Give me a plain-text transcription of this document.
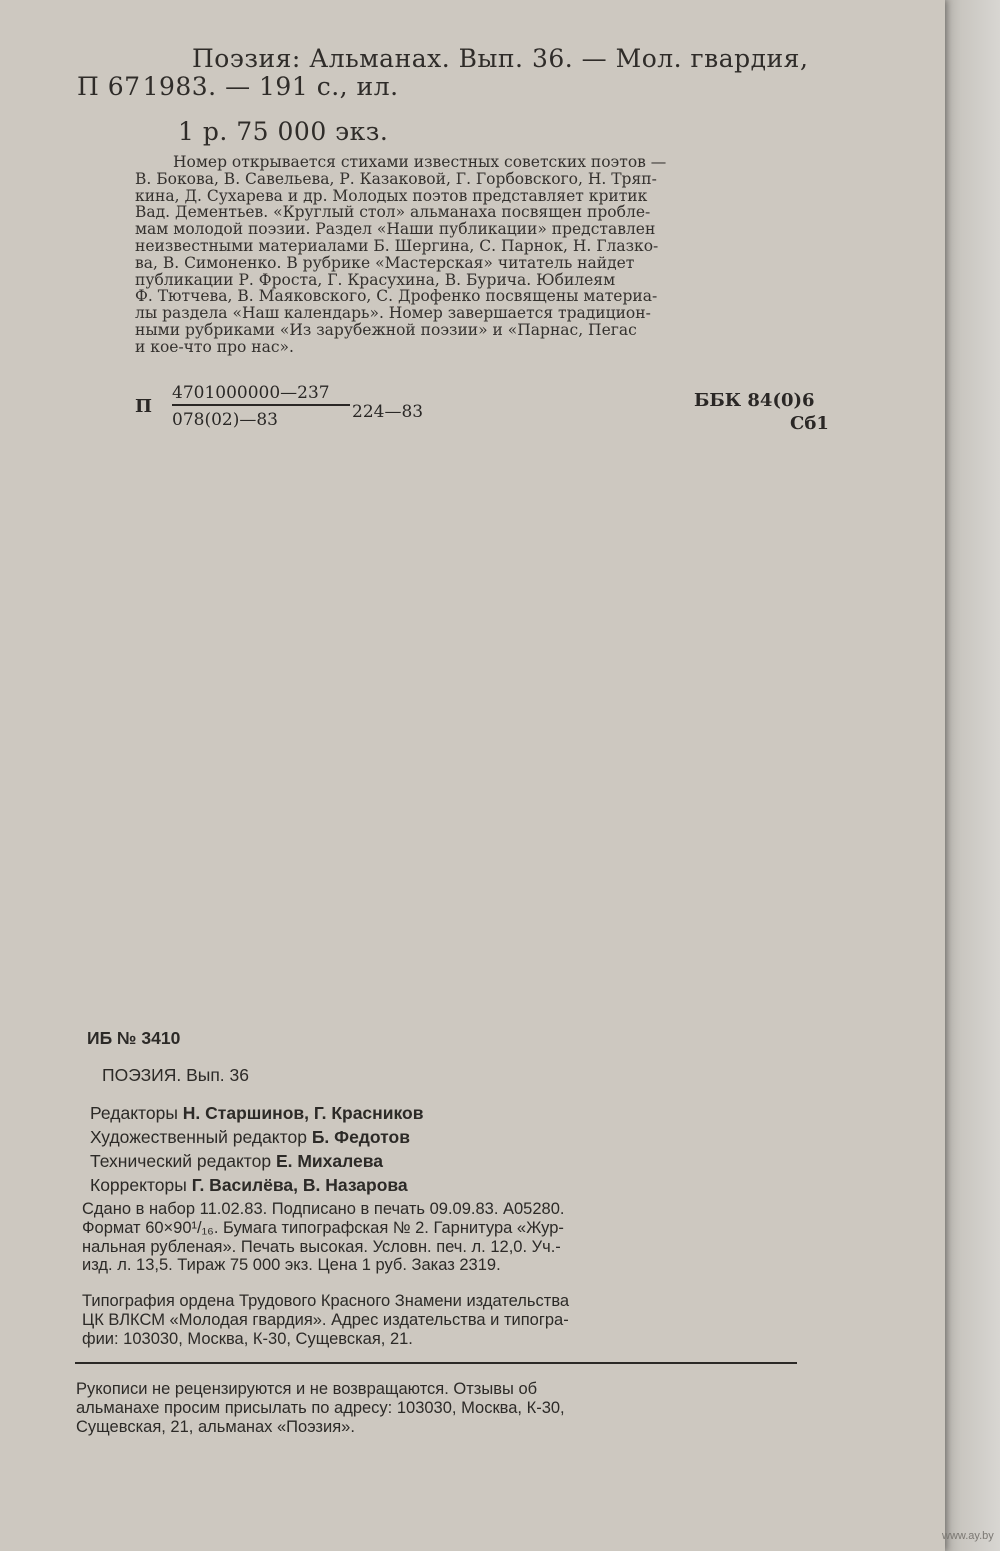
Поэзия: Альманах. Вып. 36. — Мол. гвардия,
П 671983. — 191 с., ил.
1 р. 75 000 экз.

Номер открывается стихами известных советских поэтов —

В. Бокова, В. Савельева, Р. Казаковой, Г. Горбовского, Н. Тряп-

кина, Д. Сухарева и др. Молодых поэтов представляет критик

Вад. Дементьев. «Круглый стол» альманаха посвящен пробле-

мам молодой поэзии. Раздел «Наши публикации» представлен

неизвестными материалами Б. Шергина, С. Парнок, Н. Глазко-

ва, В. Симоненко. В рубрике «Мастерская» читатель найдет

публикации Р. Фроста, Г. Красухина, В. Бурича. Юбилеям

Ф. Тютчева, В. Маяковского, С. Дрофенко посвящены материа-

лы раздела «Наш календарь». Номер завершается традицион-

ными рубриками «Из зарубежной поэзии» и «Парнас, Пегас

и кое-что про нас».

П
4701000000—237
078(02)—83	224—83
ББК 84(0)6
Сб1
ИБ № 3410
ПОЭЗИЯ. Вып. 36
Редакторы Н. Старшинов, Г. Красников
Художественный редактор Б. Федотов
Технический редактор Е. Михалева
Корректоры Г. Василёва, В. Назарова

Сдано в набор 11.02.83. Подписано в печать 09.09.83. А05280.

Формат 60×90¹/₁₆. Бумага типографская № 2. Гарнитура «Жур-

нальная рубленая». Печать высокая. Условн. печ. л. 12,0. Уч.-

изд. л. 13,5. Тираж 75 000 экз. Цена 1 руб. Заказ 2319.

Типография ордена Трудового Красного Знамени издательства

ЦК ВЛКСМ «Молодая гвардия». Адрес издательства и типогра-

фии: 103030, Москва, К-30, Сущевская, 21.

Рукописи не рецензируются и не возвращаются. Отзывы об

альманахе просим присылать по адресу: 103030, Москва, К-30,

Сущевская, 21, альманах «Поэзия».

www.ay.by
